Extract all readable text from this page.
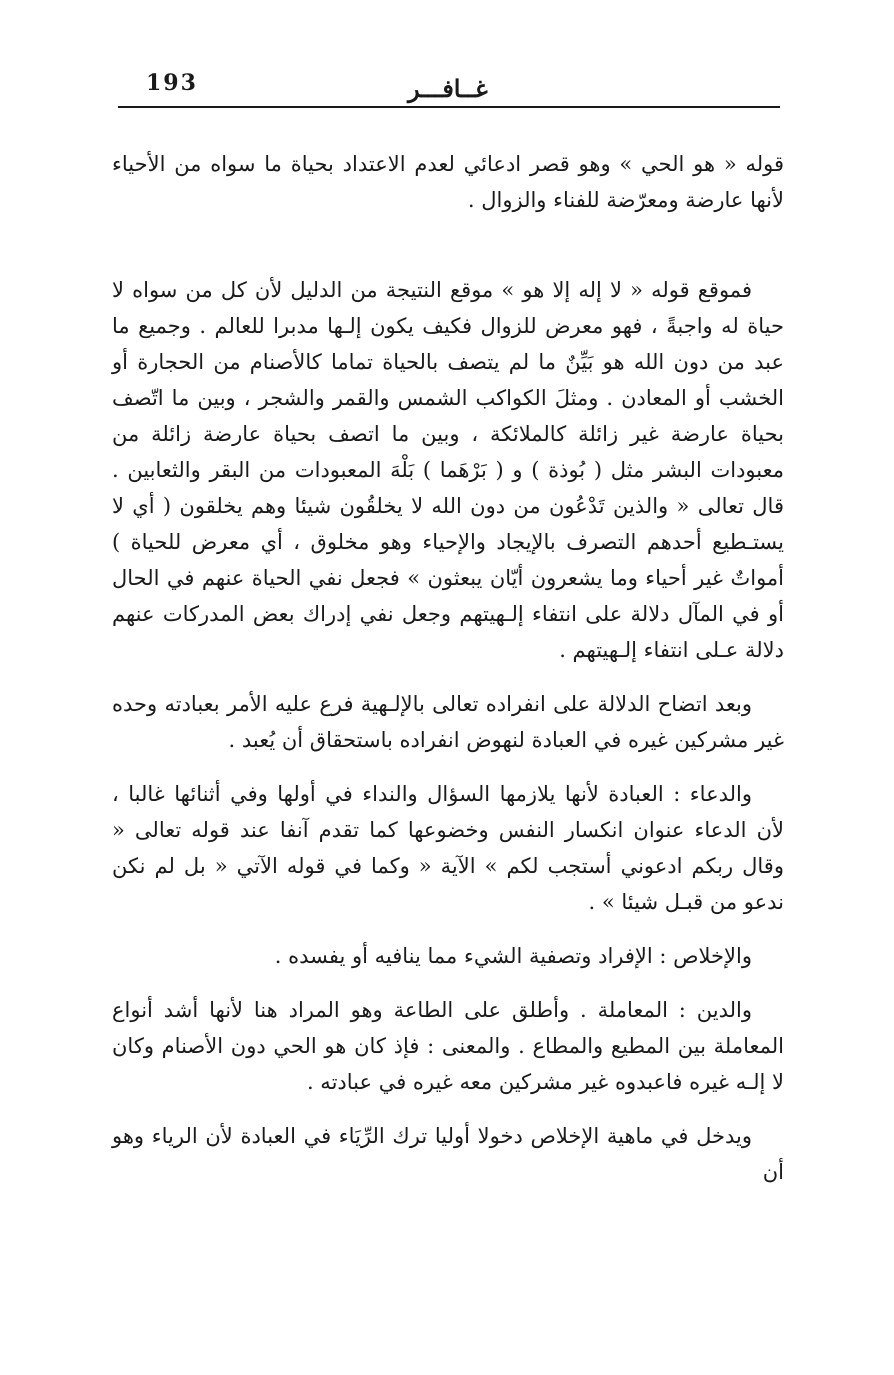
193	غــافـــر

قوله « هو الحي » وهو قصر ادعائي لعدم الاعتداد بحياة ما سواه من الأحياء لأنها عارضة ومعرّضة للفناء والزوال .

فموقع قوله « لا إله إلا هو » موقع النتيجة من الدليل لأن كل من سواه لا حياة له واجبةً ، فهو معرض للزوال فكيف يكون إلـها مدبرا للعالم . وجميع ما عبد من دون الله هو بَيِّنٌ ما لم يتصف بالحياة تماما كالأصنام من الحجارة أو الخشب أو المعادن . ومثلَ الكواكب الشمس والقمر والشجر ، وبين ما اتّصف بحياة عارضة غير زائلة كالملائكة ، وبين ما اتصف بحياة عارضة زائلة من معبودات البشر مثل ( بُوذة ) و ( بَرْهَما ) بَلْهَ المعبودات من البقر والثعابين . قال تعالى « والذين تَدْعُون من دون الله لا يخلقُون شيئا وهم يخلقون ( أي لا يستـطيع أحدهم التصرف بالإيجاد والإحياء وهو مخلوق ، أي معرض للحياة ) أمواتٌ غير أحياء وما يشعرون أيّان يبعثون » فجعل نفي الحياة عنهم في الحال أو في المآل دلالة على انتفاء إلـهيتهم وجعل نفي إدراك بعض المدركات عنهم دلالة عـلى انتفاء إلـهيتهم .

وبعد اتضاح الدلالة على انفراده تعالى بالإلـهية فرع عليه الأمر بعبادته وحده غير مشركين غيره في العبادة لنهوض انفراده باستحقاق أن يُعبد .

والدعاء : العبادة لأنها يلازمها السؤال والنداء في أولها وفي أثنائها غالبا ، لأن الدعاء عنوان انكسار النفس وخضوعها كما تقدم آنفا عند قوله تعالى « وقال ربكم ادعوني أستجب لكم » الآية « وكما في قوله الآتي « بل لم نكن ندعو من قبـل شيئا » .

والإخلاص : الإفراد وتصفية الشيء مما ينافيه أو يفسده .

والدين : المعاملة . وأطلق على الطاعة وهو المراد هنا لأنها أشد أنواع المعاملة بين المطيع والمطاع . والمعنى : فإذ كان هو الحي دون الأصنام وكان لا إلـه غيره فاعبدوه غير مشركين معه غيره في عبادته .

ويدخل في ماهية الإخلاص دخولا أوليا ترك الرِّيَاء في العبادة لأن الرياء وهو أن
